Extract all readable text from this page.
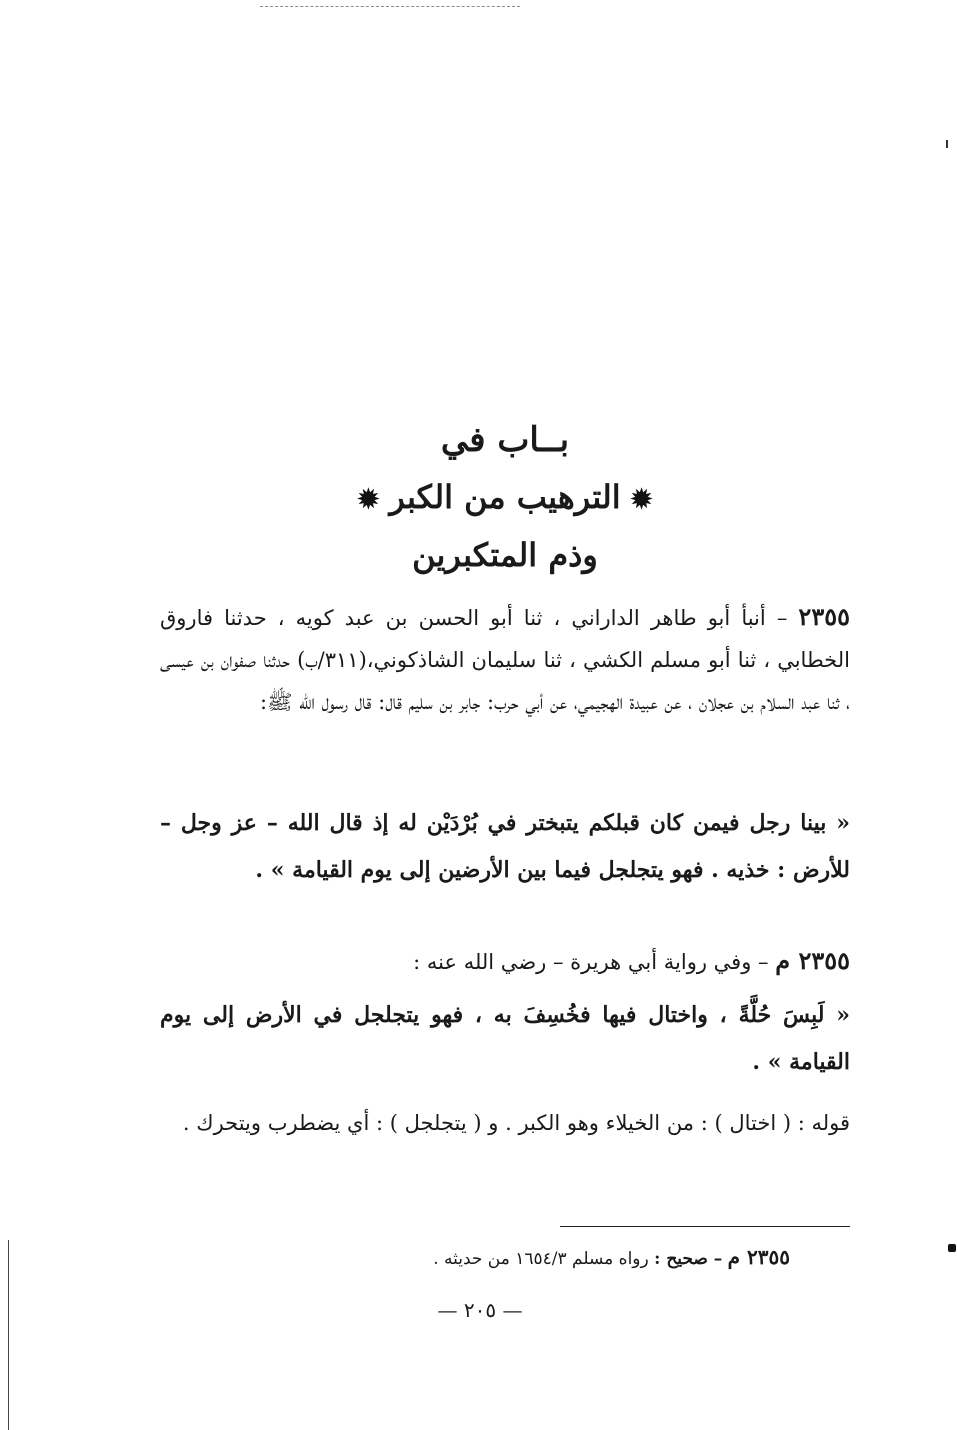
بــاب في
✹الترهيب من الكبر✹
وذم المتكبرين
٢٣٥٥ – أنبأ أبو طاهر الداراني ، ثنا أبو الحسن بن عبد كويه ، حدثنا فاروق الخطابي ، ثنا أبو مسلم الكشي ، ثنا سليمان الشاذكوني،(٣١١/ب) حدثنا صفوان بن عيسى ، ثنا عبد السلام بن عجلان ، عن عبيدة الهجيمي، عن أبي حرب: جابر بن سليم قال: قال رسول الله ﷺ:
« بينا رجل فيمن كان قبلكم يتبختر في بُرْدَيْن له إذ قال الله – عز وجل – للأرض : خذيه . فهو يتجلجل فيما بين الأرضين إلى يوم القيامة » .
٢٣٥٥ م – وفي رواية أبي هريرة – رضي الله عنه :
« لَبِسَ حُلَّةً ، واختال فيها فخُسِفَ به ، فهو يتجلجل في الأرض إلى يوم القيامة » .
قوله : ( اختال ) : من الخيلاء وهو الكبر . و ( يتجلجل ) : أي يضطرب ويتحرك .
٢٣٥٥ م – صحيح : رواه مسلم ١٦٥٤/٣ من حديثه .
— ٢٠٥ —
